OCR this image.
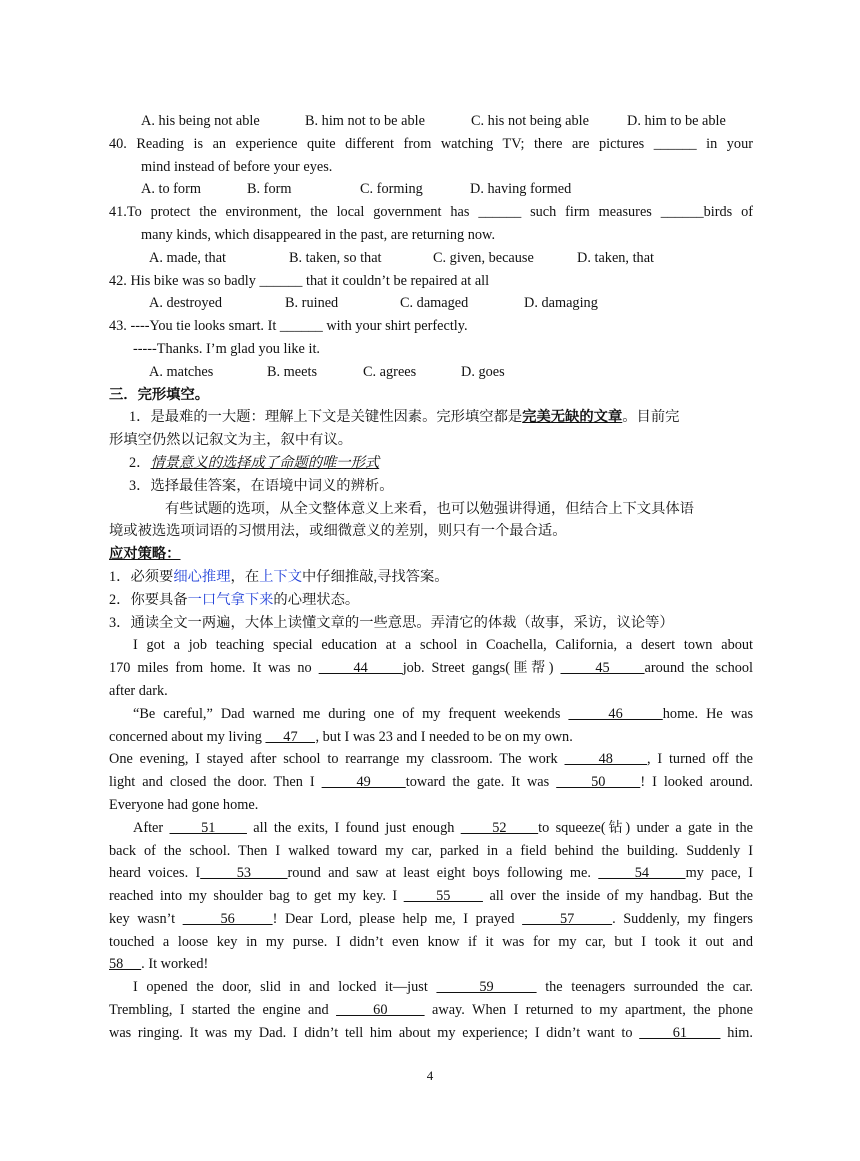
A. his being not able	B. him not to be able	C. his not being able	D. him to be able
40. Reading is an experience quite different from watching TV; there are pictures ______ in your
mind instead of before your eyes.
A. to form	B. form	C. forming	D. having formed
41.To protect the environment, the local government has ______ such firm measures ______birds of
many kinds, which disappeared in the past, are returning now.
A. made, that	B. taken, so that	C. given, because	D. taken, that
42. His bike was so badly ______ that it couldn’t be repaired at all
A. destroyed	B. ruined	C. damaged	D. damaging
43. ----You tie looks smart. It ______ with your shirt perfectly.
-----Thanks. I’m glad you like it.
A. matches	B. meets	C. agrees	D. goes
三．完形填空。
1．是最难的一大题：理解上下文是关键性因素。完形填空都是完美无缺的文章。目前完
形填空仍然以记叙文为主，叙中有议。
2．情景意义的选择成了命题的唯一形式
3．选择最佳答案，在语境中词义的辨析。
有些试题的选项，从全文整体意义上来看，也可以勉强讲得通，但结合上下文具体语
境或被选选项词语的习惯用法，或细微意义的差别，则只有一个最合适。
应对策略：
1．必须要细心推理，在上下文中仔细推敲,寻找答案。
2．你要具备一口气拿下来的心理状态。
3．通读全文一两遍，大体上读懂文章的一些意思。弄清它的体裁（故事，采访，议论等）
I got a job teaching special education at a school in Coachella, California, a desert town about
170 miles from home. It was no      44     job. Street gangs(匪帮)      45     around the school
after dark.
“Be careful,” Dad warned me during one of my frequent weekends      46     home. He was
concerned about my living      47     , but I was 23 and I needed to be on my own.
One evening, I stayed after school to rearrange my classroom. The work      48     , I turned off the
light and closed the door. Then I      49     toward the gate. It was      50     ! I looked around.
Everyone had gone home.
After      51      all the exits, I found just enough      52     to squeeze(钻) under a gate in the
back of the school. Then I walked toward my car, parked in a field behind the building. Suddenly I
heard voices. I     53     round and saw at least eight boys following me.      54     my pace, I
reached into my shoulder bag to get my key. I      55      all over the inside of my handbag. But the
key wasn’t      56     ! Dear Lord, please help me, I prayed      57     . Suddenly, my fingers
touched a loose key in my purse. I didn’t even know if it was for my car, but I took it out and
58     . It worked!
I opened the door, slid in and locked it—just      59      the teenagers surrounded the car.
Trembling, I started the engine and      60      away. When I returned to my apartment, the phone
was ringing. It was my Dad. I didn’t tell him about my experience; I didn’t want to      61      him.
4
